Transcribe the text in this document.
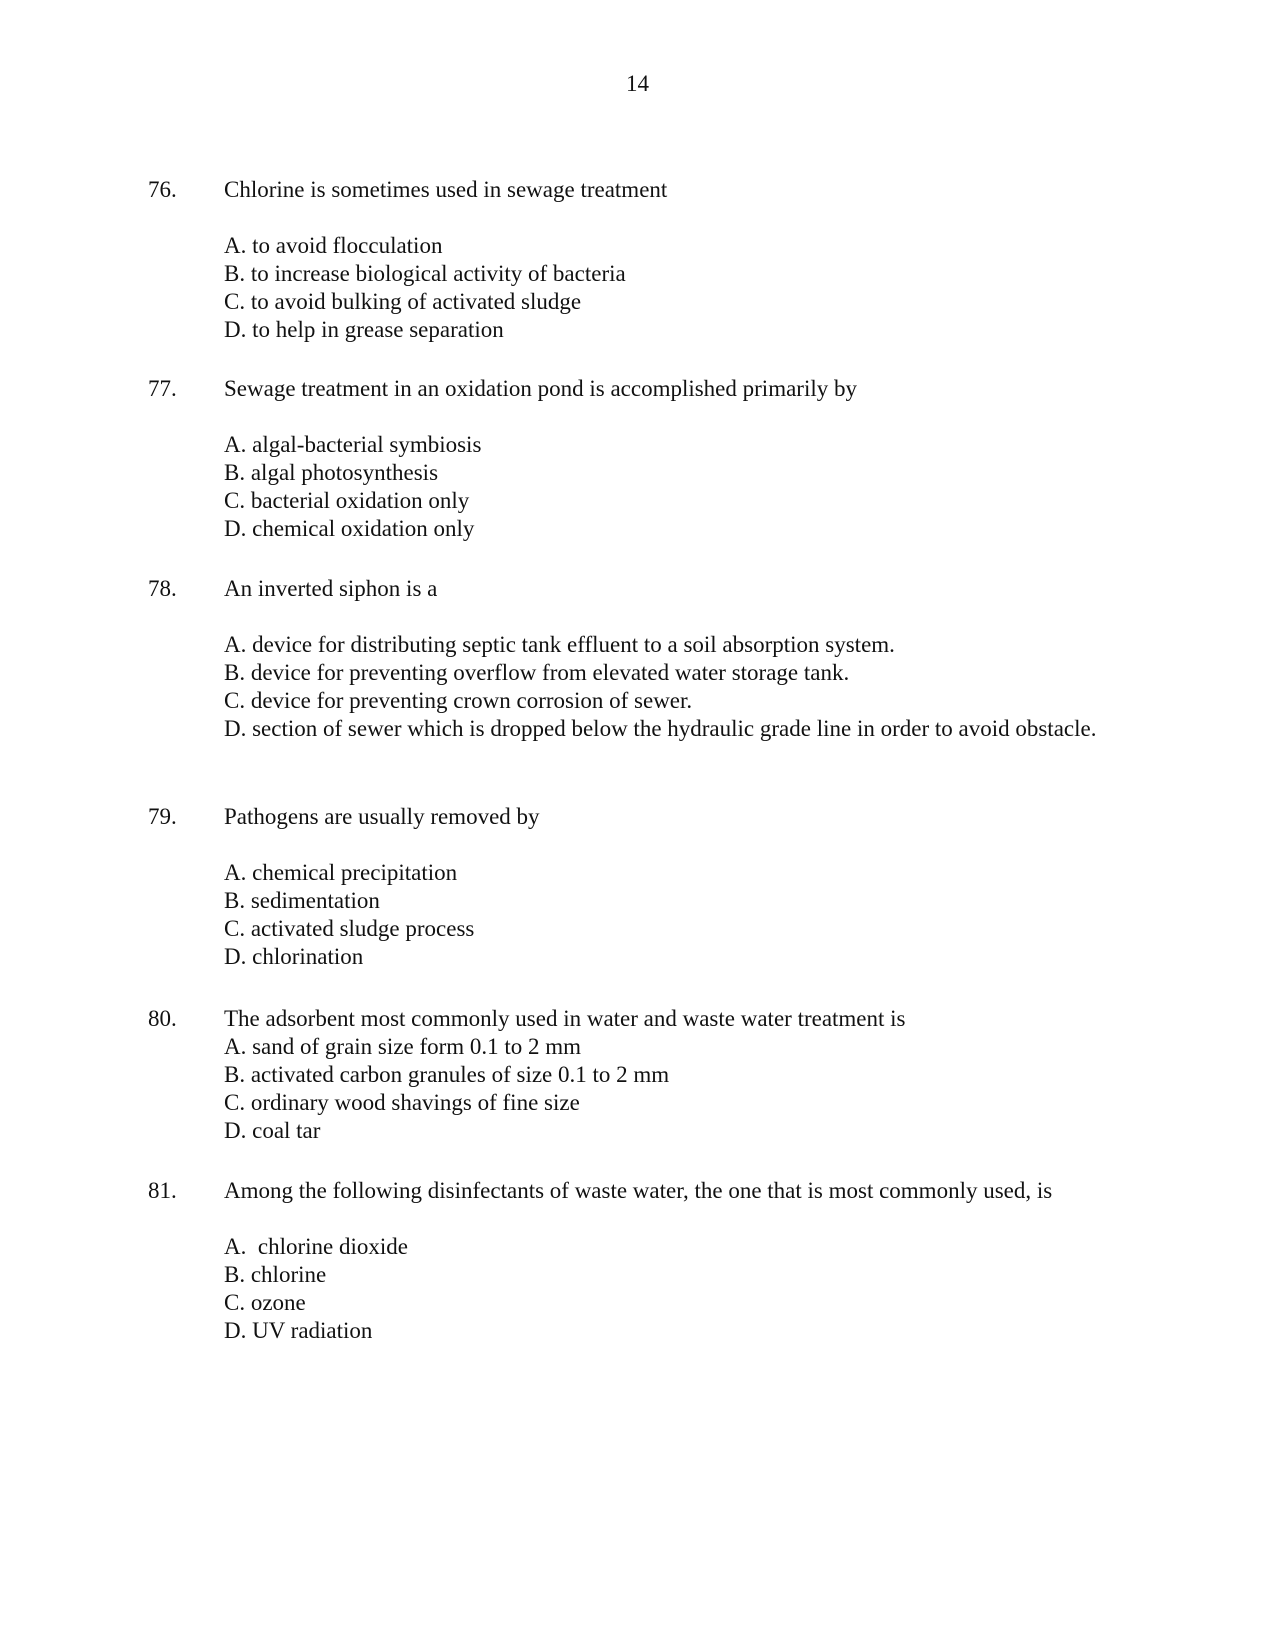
14
76. Chlorine is sometimes used in sewage treatment
A. to avoid flocculation
B. to increase biological activity of bacteria
C. to avoid bulking of activated sludge
D. to help in grease separation
77. Sewage treatment in an oxidation pond is accomplished primarily by
A. algal-bacterial symbiosis
B. algal photosynthesis
C. bacterial oxidation only
D. chemical oxidation only
78. An inverted siphon is a
A. device for distributing septic tank effluent to a soil absorption system.
B. device for preventing overflow from elevated water storage tank.
C. device for preventing crown corrosion of sewer.
D. section of sewer which is dropped below the hydraulic grade line in order to avoid obstacle.
79. Pathogens are usually removed by
A. chemical precipitation
B. sedimentation
C. activated sludge process
D. chlorination
80. The adsorbent most commonly used in water and waste water treatment is
A. sand of grain size form 0.1 to 2 mm
B. activated carbon granules of size 0.1 to 2 mm
C. ordinary wood shavings of fine size
D. coal tar
81. Among the following disinfectants of waste water, the one that is most commonly used, is
A.  chlorine dioxide
B. chlorine
C. ozone
D. UV radiation
